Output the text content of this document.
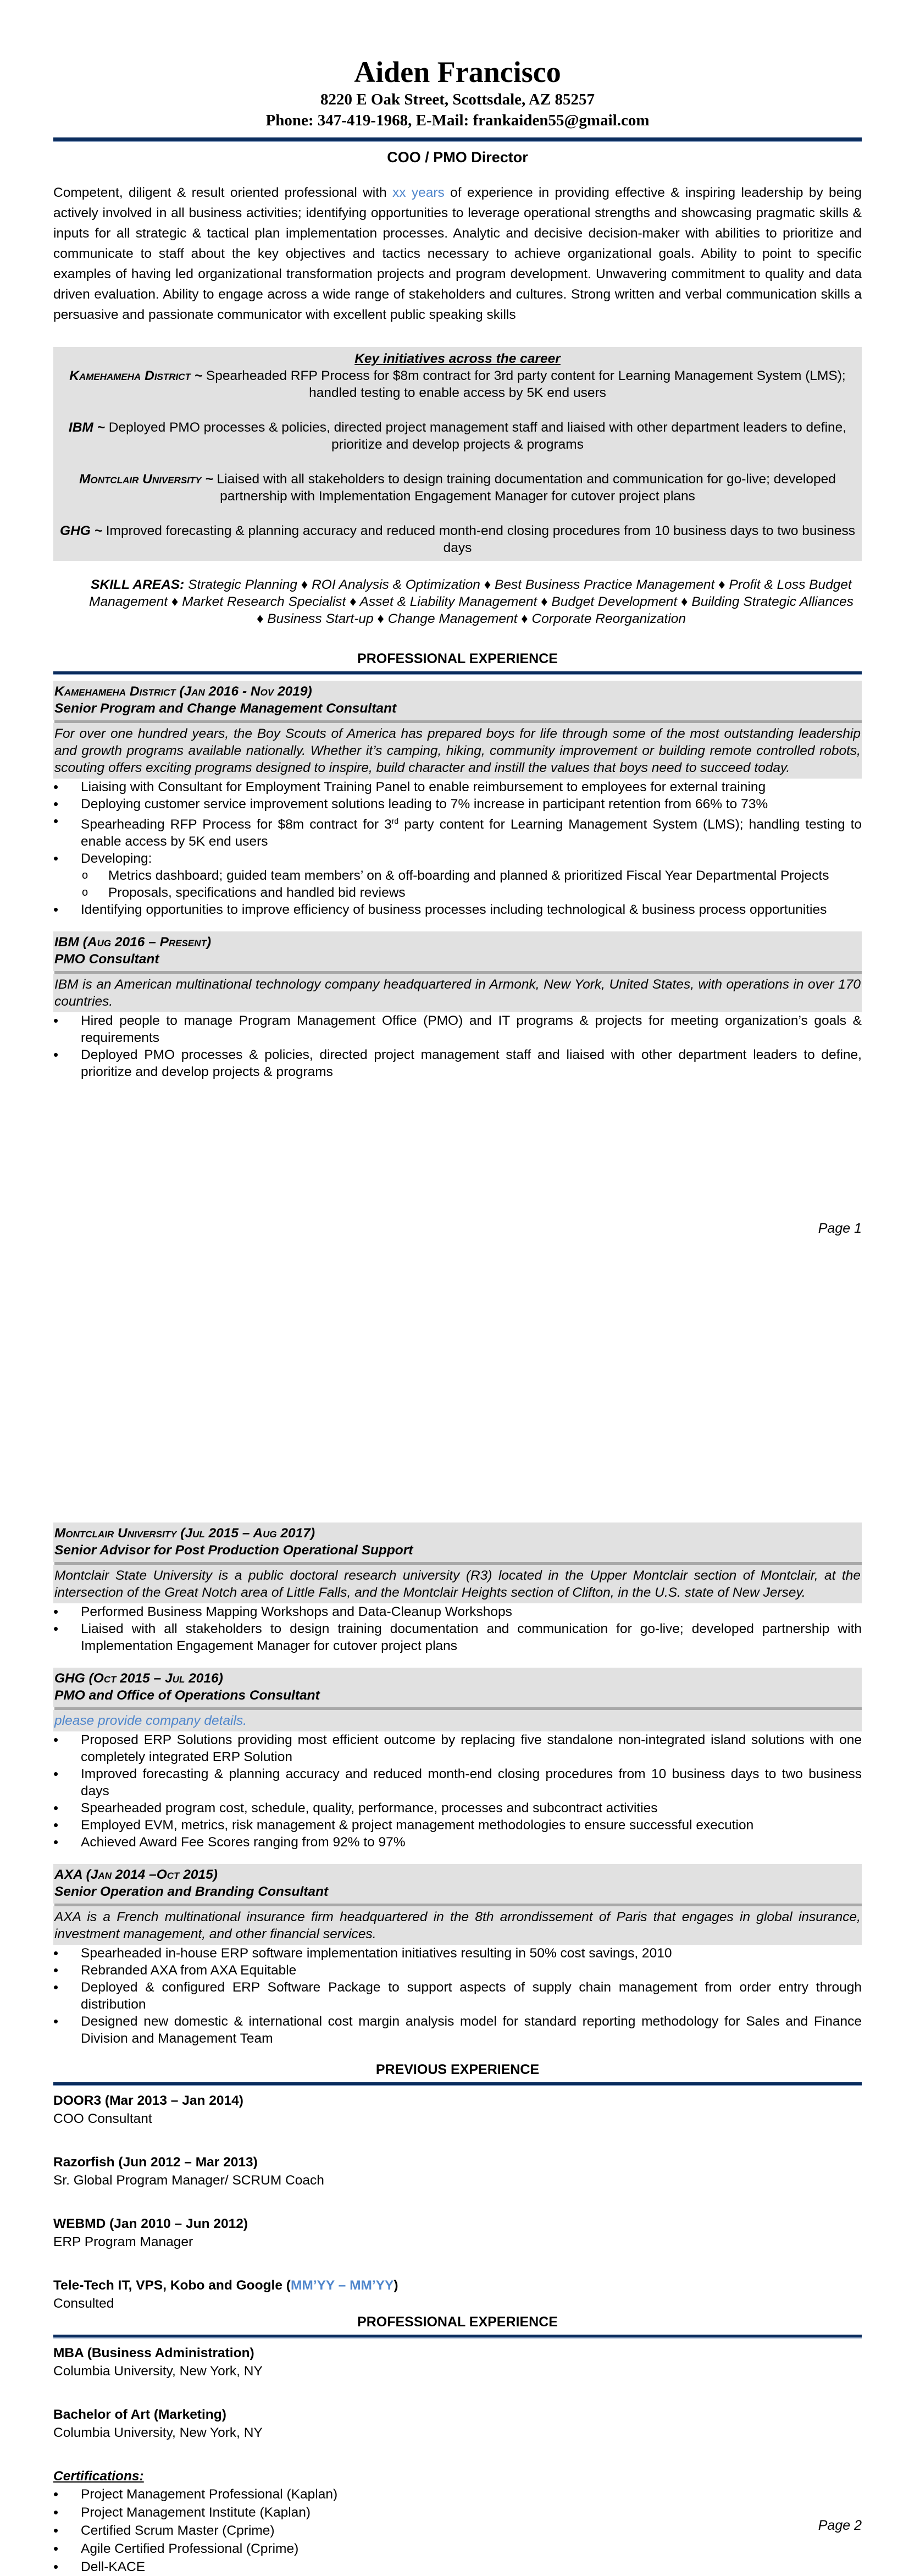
Aiden Francisco
8220 E Oak Street, Scottsdale, AZ 85257
Phone: 347-419-1968, E-Mail: frankaiden55@gmail.com
COO / PMO Director
Competent, diligent & result oriented professional with xx years of experience in providing effective & inspiring leadership by being actively involved in all business activities; identifying opportunities to leverage operational strengths and showcasing pragmatic skills & inputs for all strategic & tactical plan implementation processes. Analytic and decisive decision-maker with abilities to prioritize and communicate to staff about the key objectives and tactics necessary to achieve organizational goals. Ability to point to specific examples of having led organizational transformation projects and program development. Unwavering commitment to quality and data driven evaluation. Ability to engage across a wide range of stakeholders and cultures. Strong written and verbal communication skills a persuasive and passionate communicator with excellent public speaking skills
Key initiatives across the career
Kamehameha District ~ Spearheaded RFP Process for $8m contract for 3rd party content for Learning Management System (LMS); handled testing to enable access by 5K end users
IBM ~ Deployed PMO processes & policies, directed project management staff and liaised with other department leaders to define, prioritize and develop projects & programs
Montclair University ~ Liaised with all stakeholders to design training documentation and communication for go-live; developed partnership with Implementation Engagement Manager for cutover project plans
GHG ~ Improved forecasting & planning accuracy and reduced month-end closing procedures from 10 business days to two business days
SKILL AREAS: Strategic Planning ♦ ROI Analysis & Optimization ♦ Best Business Practice Management ♦ Profit & Loss Budget Management ♦ Market Research Specialist ♦ Asset & Liability Management ♦ Budget Development ♦ Building Strategic Alliances ♦ Business Start-up ♦ Change Management ♦ Corporate Reorganization
PROFESSIONAL EXPERIENCE
Kamehameha District (Jan 2016 - Nov 2019)
Senior Program and Change Management Consultant
For over one hundred years, the Boy Scouts of America has prepared boys for life through some of the most outstanding leadership and growth programs available nationally. Whether it’s camping, hiking, community improvement or building remote controlled robots, scouting offers exciting programs designed to inspire, build character and instill the values that boys need to succeed today.
• Liaising with Consultant for Employment Training Panel to enable reimbursement to employees for external training
• Deploying customer service improvement solutions leading to 7% increase in participant retention from 66% to 73%
• Spearheading RFP Process for $8m contract for 3rd party content for Learning Management System (LMS); handling testing to enable access by 5K end users
• Developing:
o Metrics dashboard; guided team members’ on & off-boarding and planned & prioritized Fiscal Year Departmental Projects
o Proposals, specifications and handled bid reviews
• Identifying opportunities to improve efficiency of business processes including technological & business process opportunities
IBM (Aug 2016 – Present)
PMO Consultant
IBM is an American multinational technology company headquartered in Armonk, New York, United States, with operations in over 170 countries.
• Hired people to manage Program Management Office (PMO) and IT programs & projects for meeting organization’s goals & requirements
• Deployed PMO processes & policies, directed project management staff and liaised with other department leaders to define, prioritize and develop projects & programs
Page 1
Montclair University (Jul 2015 – Aug 2017)
Senior Advisor for Post Production Operational Support
Montclair State University is a public doctoral research university (R3) located in the Upper Montclair section of Montclair, at the intersection of the Great Notch area of Little Falls, and the Montclair Heights section of Clifton, in the U.S. state of New Jersey.
• Performed Business Mapping Workshops and Data-Cleanup Workshops
• Liaised with all stakeholders to design training documentation and communication for go-live; developed partnership with Implementation Engagement Manager for cutover project plans
GHG (Oct 2015 – Jul 2016)
PMO and Office of Operations Consultant
please provide company details.
• Proposed ERP Solutions providing most efficient outcome by replacing five standalone non-integrated island solutions with one completely integrated ERP Solution
• Improved forecasting & planning accuracy and reduced month-end closing procedures from 10 business days to two business days
• Spearheaded program cost, schedule, quality, performance, processes and subcontract activities
• Employed EVM, metrics, risk management & project management methodologies to ensure successful execution
• Achieved Award Fee Scores ranging from 92% to 97%
AXA (Jan 2014 –Oct 2015)
Senior Operation and Branding Consultant
AXA is a French multinational insurance firm headquartered in the 8th arrondissement of Paris that engages in global insurance, investment management, and other financial services.
• Spearheaded in-house ERP software implementation initiatives resulting in 50% cost savings, 2010
• Rebranded AXA from AXA Equitable
• Deployed & configured ERP Software Package to support aspects of supply chain management from order entry through distribution
• Designed new domestic & international cost margin analysis model for standard reporting methodology for Sales and Finance Division and Management Team
PREVIOUS EXPERIENCE
DOOR3 (Mar 2013 – Jan 2014)
COO Consultant
Razorfish (Jun 2012 – Mar 2013)
Sr. Global Program Manager/ SCRUM Coach
WEBMD (Jan 2010 – Jun 2012)
ERP Program Manager
Tele-Tech IT, VPS, Kobo and Google (MM’YY – MM’YY)
Consulted
PROFESSIONAL EXPERIENCE
MBA (Business Administration)
Columbia University, New York, NY
Bachelor of Art (Marketing)
Columbia University, New York, NY
Certifications:
• Project Management Professional (Kaplan)
• Project Management Institute (Kaplan)
• Certified Scrum Master (Cprime)
• Agile Certified Professional (Cprime)
• Dell-KACE
Page 2
